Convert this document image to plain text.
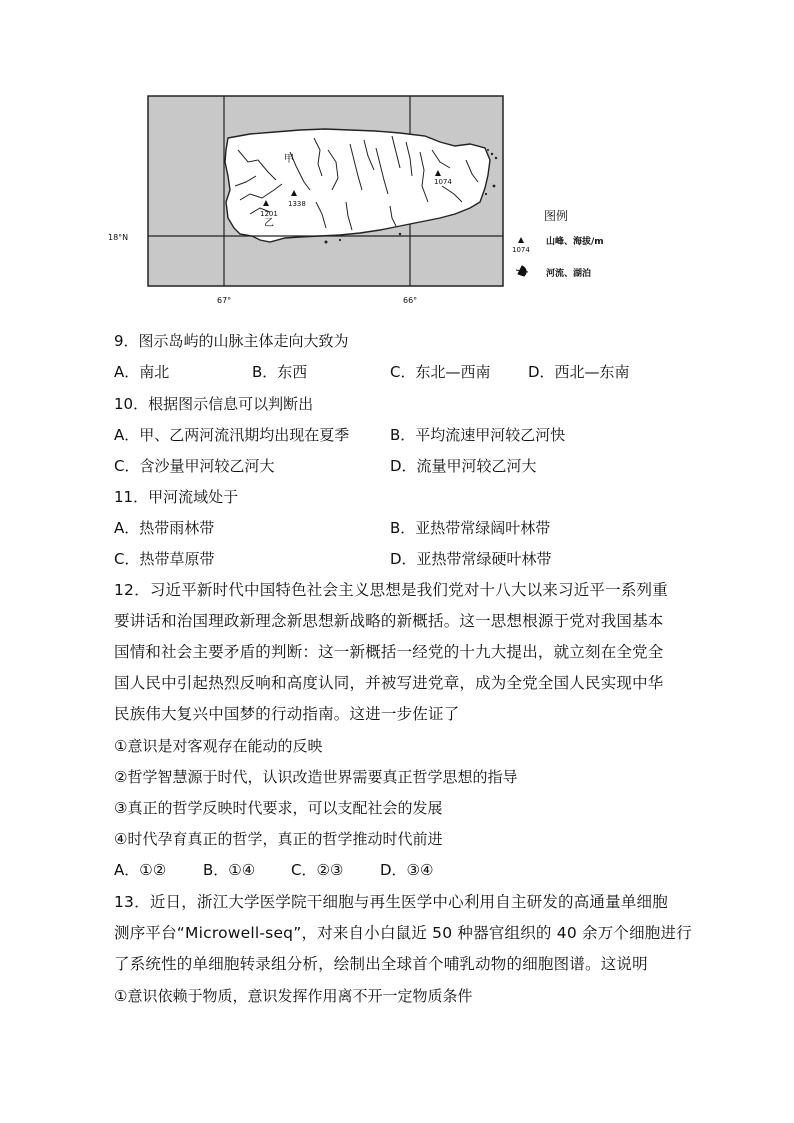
甲
乙
1338
1201
1074
18°N
67°	66°
图例
1074
山峰、海拔/m
河流、湖泊
9．图示岛屿的山脉主体走向大致为
A．南北	B．东西	C．东北—西南	D．西北—东南
10．根据图示信息可以判断出
A．甲、乙两河流汛期均出现在夏季	B．平均流速甲河较乙河快
C．含沙量甲河较乙河大	D．流量甲河较乙河大
11．甲河流域处于
A．热带雨林带	B．亚热带常绿阔叶林带
C．热带草原带	D．亚热带常绿硬叶林带
12．习近平新时代中国特色社会主义思想是我们党对十八大以来习近平一系列重
要讲话和治国理政新理念新思想新战略的新概括。这一思想根源于党对我国基本
国情和社会主要矛盾的判断：这一新概括一经党的十九大提出，就立刻在全党全
国人民中引起热烈反响和高度认同，并被写进党章，成为全党全国人民实现中华
民族伟大复兴中国梦的行动指南。这进一步佐证了
①意识是对客观存在能动的反映
②哲学智慧源于时代，认识改造世界需要真正哲学思想的指导
③真正的哲学反映时代要求，可以支配社会的发展
④时代孕育真正的哲学，真正的哲学推动时代前进
A．①② B．①④ C．②③ D．③④
13．近日，浙江大学医学院干细胞与再生医学中心利用自主研发的高通量单细胞
测序平台“Microwell-seq”，对来自小白鼠近 50 种器官组织的 40 余万个细胞进行
了系统性的单细胞转录组分析，绘制出全球首个哺乳动物的细胞图谱。这说明
①意识依赖于物质，意识发挥作用离不开一定物质条件
